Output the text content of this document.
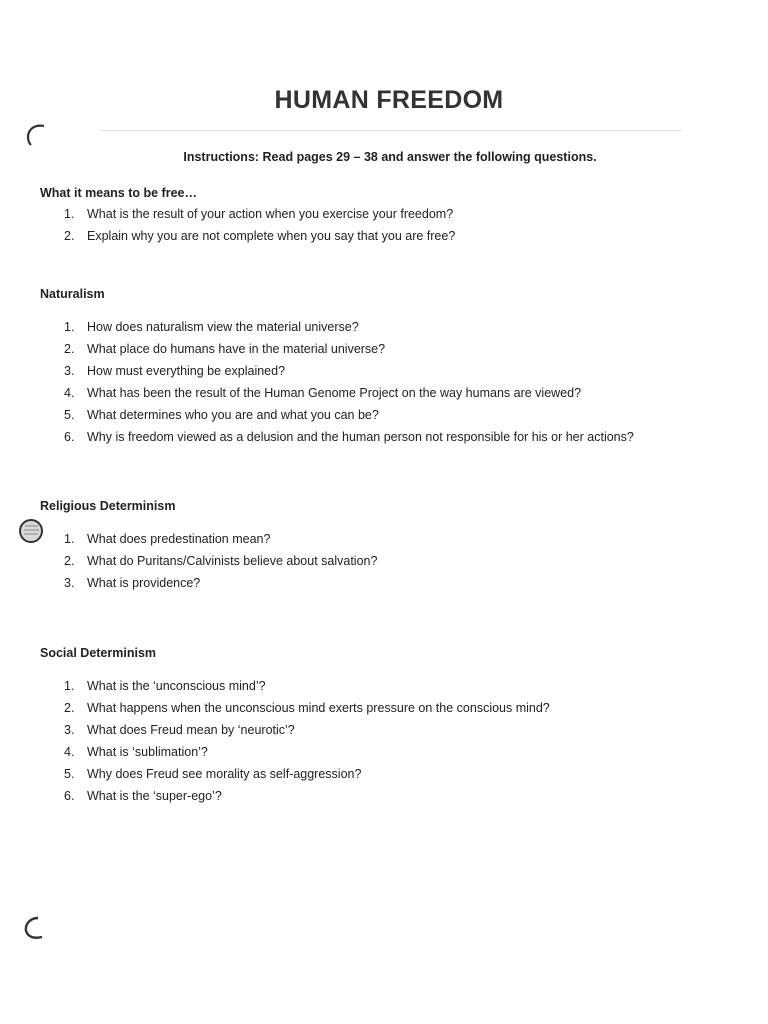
HUMAN FREEDOM
Instructions: Read pages 29 – 38 and answer the following questions.

What it means to be free…

1. What is the result of your action when you exercise your freedom?
2. Explain why you are not complete when you say that you are free?

Naturalism

1. How does naturalism view the material universe?
2. What place do humans have in the material universe?
3. How must everything be explained?
4. What has been the result of the Human Genome Project on the way humans are viewed?
5. What determines who you are and what you can be?
6. Why is freedom viewed as a delusion and the human person not responsible for his or her actions?

Religious Determinism

1. What does predestination mean?
2. What do Puritans/Calvinists believe about salvation?
3. What is providence?

Social Determinism

1. What is the ‘unconscious mind’?
2. What happens when the unconscious mind exerts pressure on the conscious mind?
3. What does Freud mean by ‘neurotic’?
4. What is ‘sublimation’?
5. Why does Freud see morality as self-aggression?
6. What is the ‘super-ego’?
